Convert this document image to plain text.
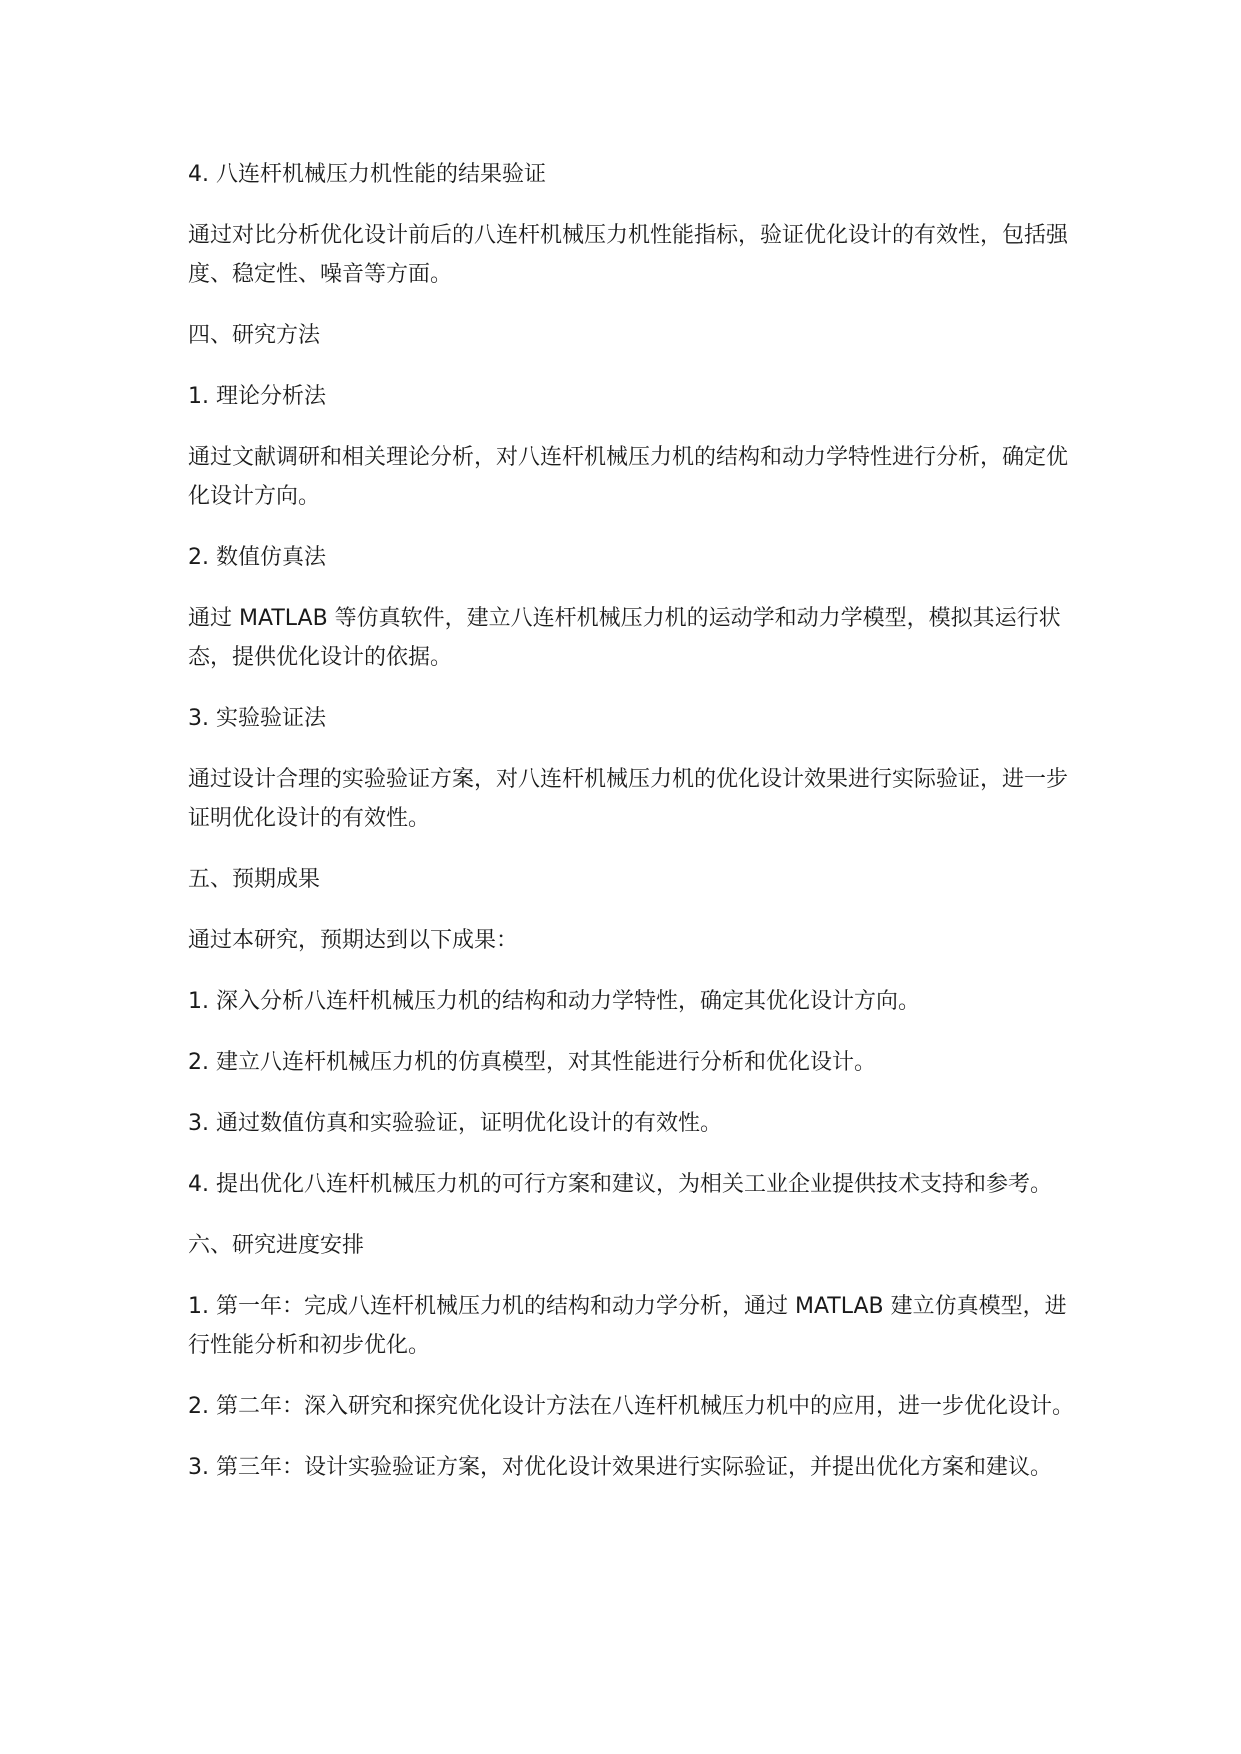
4. 八连杆机械压力机性能的结果验证

通过对比分析优化设计前后的八连杆机械压力机性能指标，验证优化设计的有效性，包括强度、稳定性、噪音等方面。

四、研究方法

1. 理论分析法

通过文献调研和相关理论分析，对八连杆机械压力机的结构和动力学特性进行分析，确定优化设计方向。

2. 数值仿真法

通过 MATLAB 等仿真软件，建立八连杆机械压力机的运动学和动力学模型，模拟其运行状态，提供优化设计的依据。

3. 实验验证法

通过设计合理的实验验证方案，对八连杆机械压力机的优化设计效果进行实际验证，进一步证明优化设计的有效性。

五、预期成果

通过本研究，预期达到以下成果：

1. 深入分析八连杆机械压力机的结构和动力学特性，确定其优化设计方向。

2. 建立八连杆机械压力机的仿真模型，对其性能进行分析和优化设计。

3. 通过数值仿真和实验验证，证明优化设计的有效性。

4. 提出优化八连杆机械压力机的可行方案和建议，为相关工业企业提供技术支持和参考。

六、研究进度安排

1. 第一年：完成八连杆机械压力机的结构和动力学分析，通过 MATLAB 建立仿真模型，进行性能分析和初步优化。

2. 第二年：深入研究和探究优化设计方法在八连杆机械压力机中的应用，进一步优化设计。

3. 第三年：设计实验验证方案，对优化设计效果进行实际验证，并提出优化方案和建议。
